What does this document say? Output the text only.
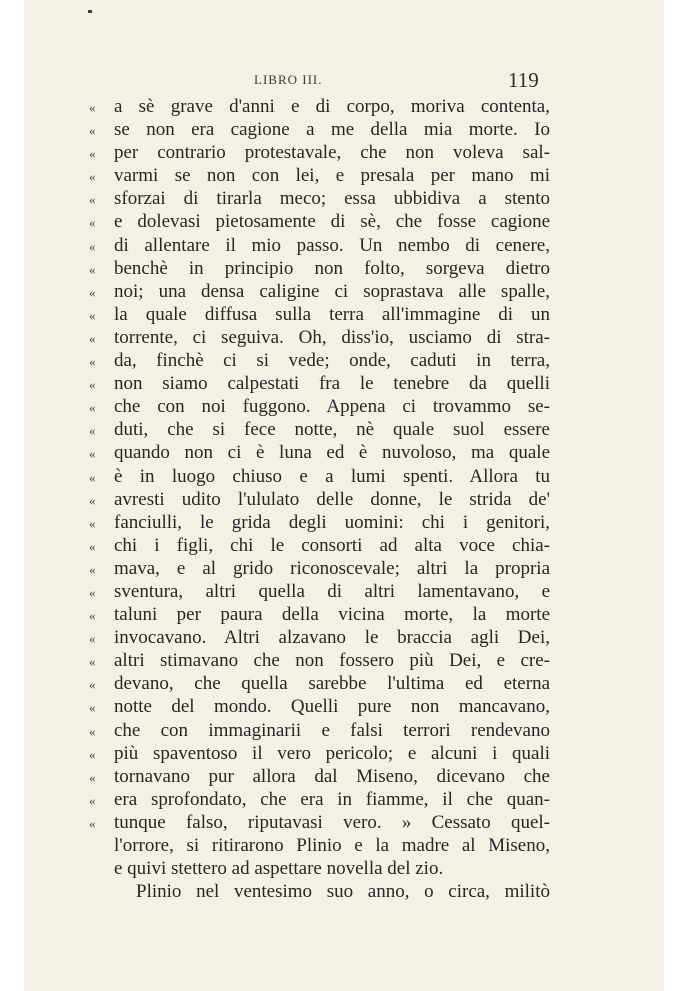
LIBRO III.	119
« a sè grave d'anni e di corpo, moriva contenta,
« se non era cagione a me della mia morte. Io
« per contrario protestavale, che non voleva sal-
« varmi se non con lei, e presala per mano mi
« sforzai di tirarla meco; essa ubbidiva a stento
« e dolevasi pietosamente di sè, che fosse cagione
« di allentare il mio passo. Un nembo di cenere,
« benchè in principio non folto, sorgeva dietro
« noi; una densa caligine ci soprastava alle spalle,
« la quale diffusa sulla terra all'immagine di un
« torrente, ci seguiva. Oh, diss'io, usciamo di stra-
« da, finchè ci si vede; onde, caduti in terra,
« non siamo calpestati fra le tenebre da quelli
« che con noi fuggono. Appena ci trovammo se-
« duti, che si fece notte, nè quale suol essere
« quando non ci è luna ed è nuvoloso, ma quale
« è in luogo chiuso e a lumi spenti. Allora tu
« avresti udito l'ululato delle donne, le strida de'
« fanciulli, le grida degli uomini: chi i genitori,
« chi i figli, chi le consorti ad alta voce chia-
« mava, e al grido riconoscevale; altri la propria
« sventura, altri quella di altri lamentavano, e
« taluni per paura della vicina morte, la morte
« invocavano. Altri alzavano le braccia agli Dei,
« altri stimavano che non fossero più Dei, e cre-
« devano, che quella sarebbe l'ultima ed eterna
« notte del mondo. Quelli pure non mancavano,
« che con immaginarii e falsi terrori rendevano
« più spaventoso il vero pericolo; e alcuni i quali
« tornavano pur allora dal Miseno, dicevano che
« era sprofondato, che era in fiamme, il che quan-
« tunque falso, riputavasi vero. » Cessato quel-
l'orrore, si ritirarono Plinio e la madre al Miseno,
e quivi stettero ad aspettare novella del zio.
Plinio nel ventesimo suo anno, o circa, militò
